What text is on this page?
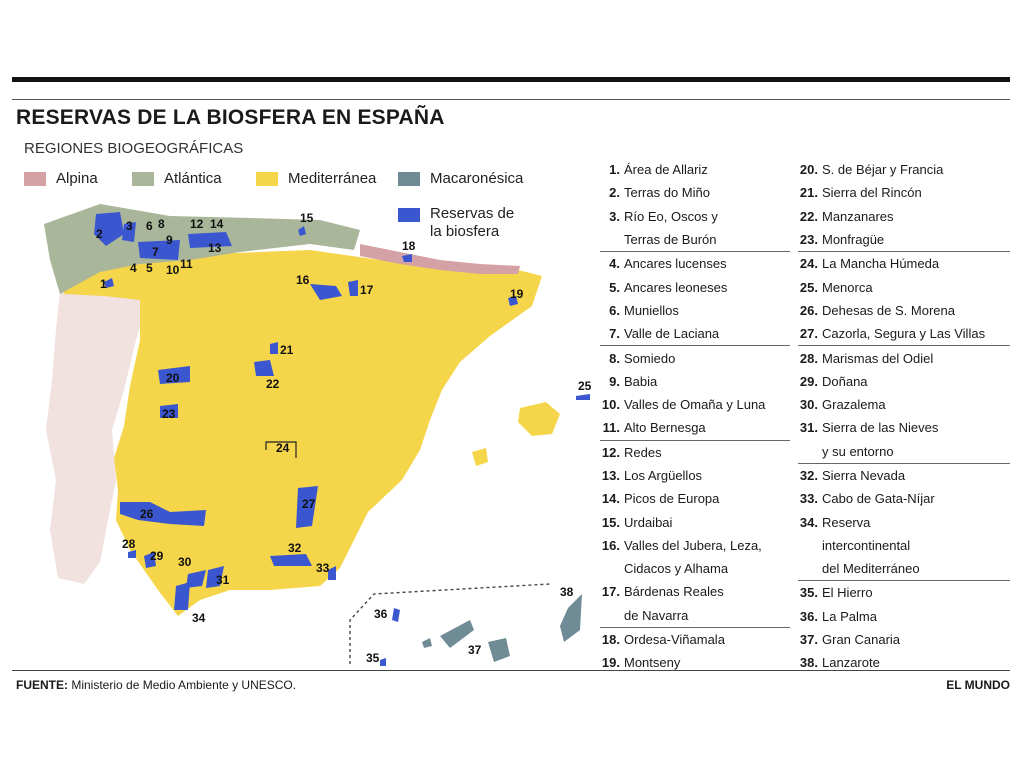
RESERVAS DE LA BIOSFERA EN ESPAÑA
REGIONES BIOGEOGRÁFICAS
Alpina	Atlántica	Mediterránea	Macaronésica
Reservas de
la biosfera
1
2
3
4 5
6
7
8
9
10 11
12
13
14	15
16
17
18
19
20
21
22
23
24
25
26
27
28
29 30
31
32
33
34
35
36
37
38
1. Área de Allariz
2. Terras do Miño
3. Río Eo, Oscos y
Terras de Burón
4. Ancares lucenses
5. Ancares leoneses
6. Muniellos
7. Valle de Laciana
8. Somiedo
9. Babia
10. Valles de Omaña y Luna
11. Alto Bernesga
12. Redes
13. Los Argüellos
14. Picos de Europa
15. Urdaibai
16. Valles del Jubera, Leza,
Cidacos y Alhama
17. Bárdenas Reales
de Navarra
18. Ordesa-Viñamala
19. Montseny
20. S. de Béjar y Francia
21. Sierra del Rincón
22. Manzanares
23. Monfragüe
24. La Mancha Húmeda
25. Menorca
26. Dehesas de S. Morena
27. Cazorla, Segura y Las Villas
28. Marismas del Odiel
29. Doñana
30. Grazalema
31. Sierra de las Nieves
y su entorno
32. Sierra Nevada
33. Cabo de Gata-Níjar
34. Reserva
intercontinental
del Mediterráneo
35. El Hierro
36. La Palma
37. Gran Canaria
38. Lanzarote
FUENTE: Ministerio de Medio Ambiente y UNESCO.	EL MUNDO
